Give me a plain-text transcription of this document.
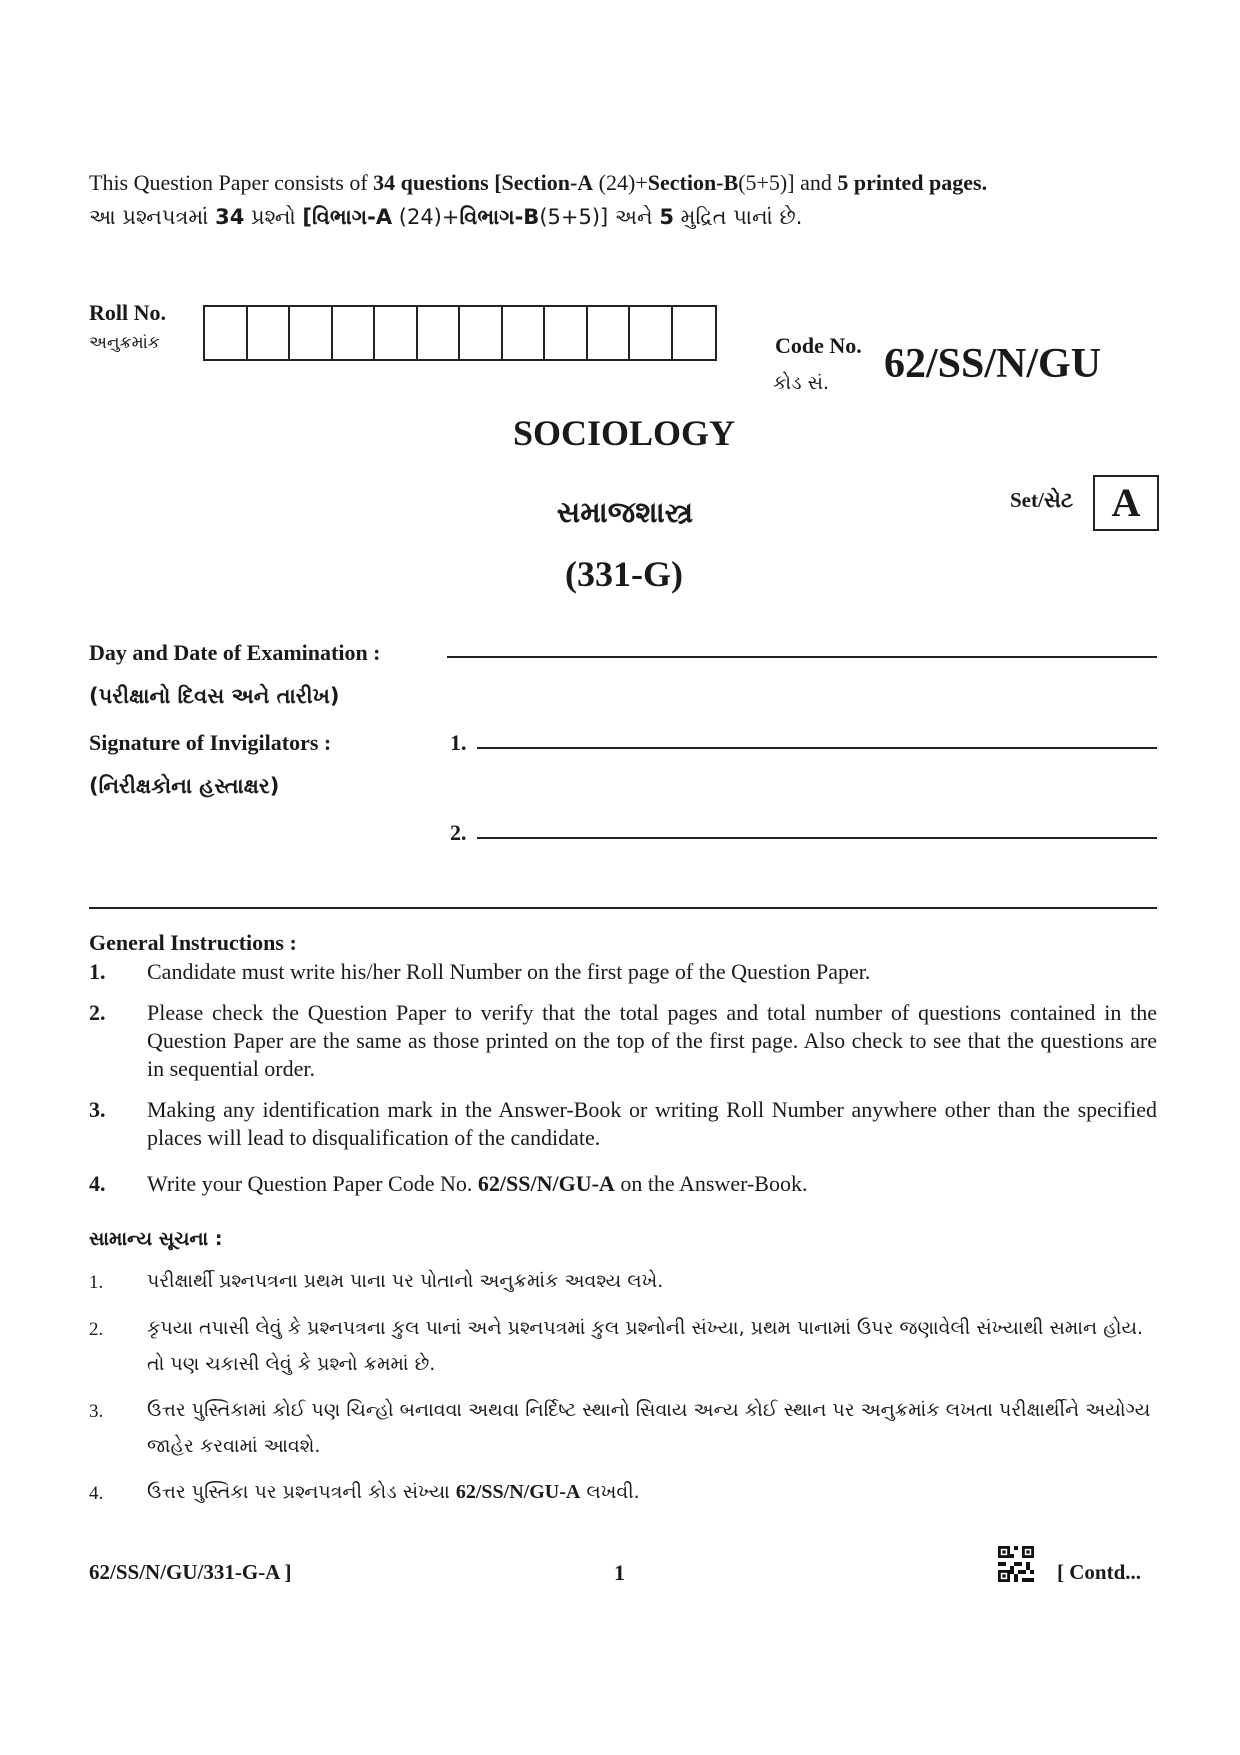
This Question Paper consists of 34 questions [Section-A (24)+Section-B(5+5)] and 5 printed pages.
આ પ્રશ્નપત્રમાં 34 પ્રશ્નો [વિભાગ-A (24)+વિભાગ-B(5+5)] અને 5 મુદ્રિત પાનાં છે.
Roll No.
અનુક્રમાંક	Code No.
કોડ સં. 62/SS/N/GU
SOCIOLOGY
સમાજશાસ્ત્ર
(331-G)
Set/સેટ A
Day and Date of Examination :
(પરીક્ષાનો દિવસ અને તારીખ)
Signature of Invigilators :	1.
(નિરીક્ષકોના હસ્તાક્ષર)
2.
General Instructions :
1. Candidate must write his/her Roll Number on the first page of the Question Paper.
2. Please check the Question Paper to verify that the total pages and total number of questions contained in the Question Paper are the same as those printed on the top of the first page. Also check to see that the questions are in sequential order.
3. Making any identification mark in the Answer-Book or writing Roll Number anywhere other than the specified places will lead to disqualification of the candidate.
4. Write your Question Paper Code No. 62/SS/N/GU-A on the Answer-Book.
સામાન્ય સૂચના :
1. પરીક્ષાર્થી પ્રશ્નપત્રના પ્રથમ પાના પર પોતાનો અનુક્રમાંક અવશ્ય લખે.
2. કૃપયા તપાસી લેવું કે પ્રશ્નપત્રના કુલ પાનાં અને પ્રશ્નપત્રમાં કુલ પ્રશ્નોની સંખ્યા, પ્રથમ પાનામાં ઉપર જણાવેલી સંખ્યાથી સમાન હોય. તો પણ ચકાસી લેવું કે પ્રશ્નો ક્રમમાં છે.
3. ઉત્તર પુસ્તિકામાં કોઈ પણ ચિન્હો બનાવવા અથવા નિર્દિષ્ટ સ્થાનો સિવાય અન્ય કોઈ સ્થાન પર અનુક્રમાંક લખતા પરીક્ષાર્થીને અયોગ્ય જાહેર કરવામાં આવશે.
4. ઉત્તર પુસ્તિકા પર પ્રશ્નપત્રની કોડ સંખ્યા 62/SS/N/GU-A લખવી.
62/SS/N/GU/331-G-A ]	1	[ Contd...
